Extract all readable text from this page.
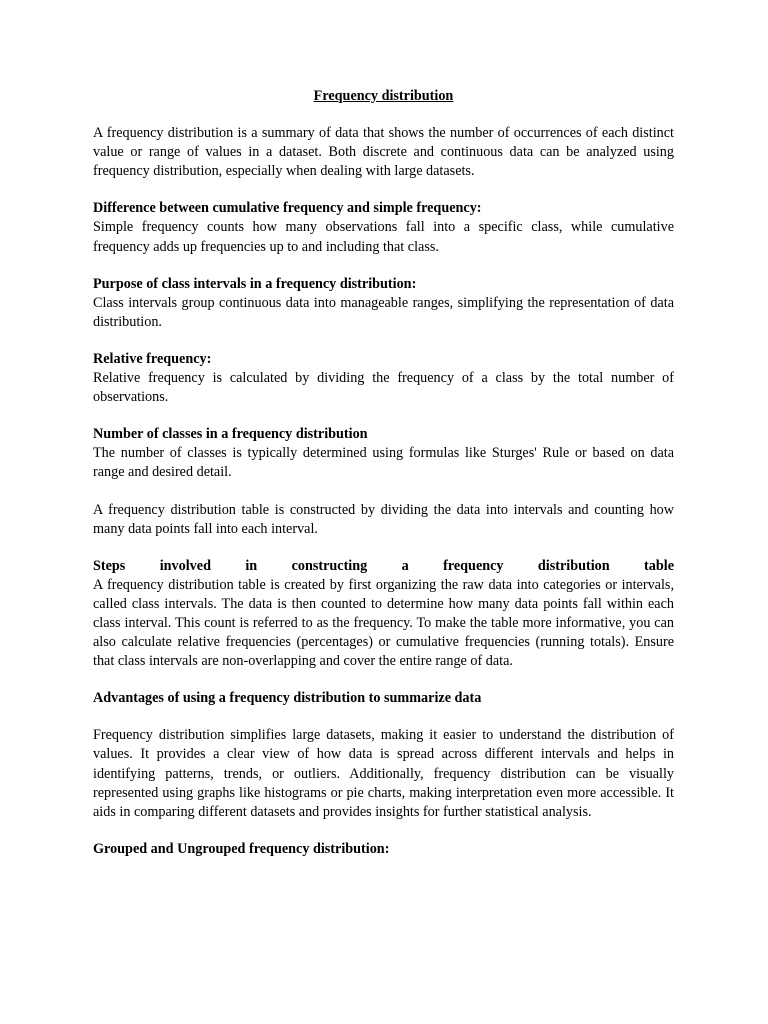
Frequency distribution

A frequency distribution is a summary of data that shows the number of occurrences of each distinct value or range of values in a dataset. Both discrete and continuous data can be analyzed using frequency distribution, especially when dealing with large datasets.

Difference between cumulative frequency and simple frequency:

Simple frequency counts how many observations fall into a specific class, while cumulative frequency adds up frequencies up to and including that class.

Purpose of class intervals in a frequency distribution:

Class intervals group continuous data into manageable ranges, simplifying the representation of data distribution.

Relative frequency:

Relative frequency is calculated by dividing the frequency of a class by the total number of observations.

Number of classes in a frequency distribution

The number of classes is typically determined using formulas like Sturges' Rule or based on data range and desired detail.

A frequency distribution table is constructed by dividing the data into intervals and counting how many data points fall into each interval.

Steps involved in constructing a frequency distribution table

A frequency distribution table is created by first organizing the raw data into categories or intervals, called class intervals. The data is then counted to determine how many data points fall within each class interval. This count is referred to as the frequency. To make the table more informative, you can also calculate relative frequencies (percentages) or cumulative frequencies (running totals). Ensure that class intervals are non-overlapping and cover the entire range of data.

Advantages of using a frequency distribution to summarize data

Frequency distribution simplifies large datasets, making it easier to understand the distribution of values. It provides a clear view of how data is spread across different intervals and helps in identifying patterns, trends, or outliers. Additionally, frequency distribution can be visually represented using graphs like histograms or pie charts, making interpretation even more accessible. It aids in comparing different datasets and provides insights for further statistical analysis.

Grouped and Ungrouped frequency distribution:
